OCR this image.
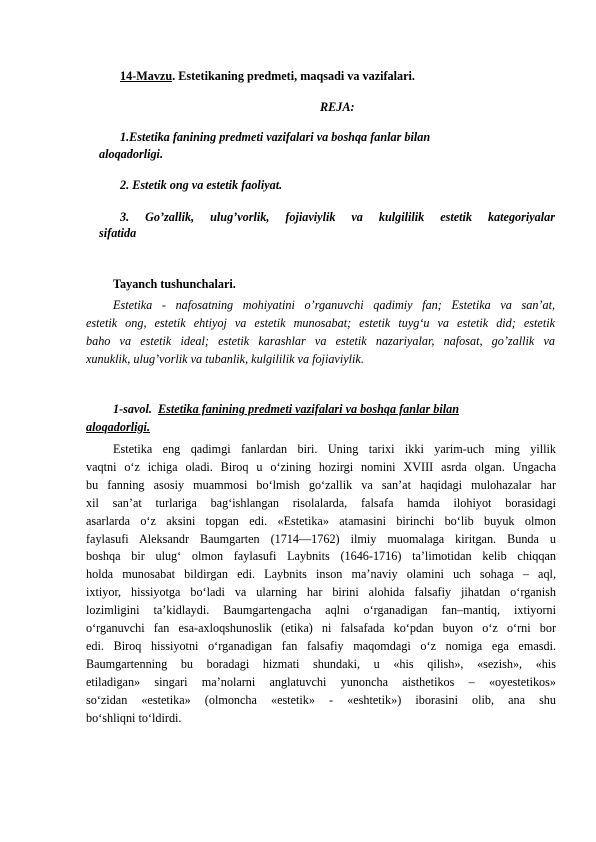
14-Mavzu. Estetikaning predmeti, maqsadi va vazifalari.
REJA:
1.Estetika fanining predmeti vazifalari va boshqa fanlar bilan
aloqadorligi.
2. Estetik ong va estetik faoliyat.
3. Go’zallik, ulug’vorlik, fojiaviylik va kulgililik estetik kategoriyalar
sifatida
Tayanch tushunchalari.
Estetika - nafosatning mohiyatini o’rganuvchi qadimiy fan; Estetika va san’at,
estetik ong, estetik ehtiyoj va estetik munosabat; estetik tuyg‘u va estetik did; estetik
baho va estetik ideal; estetik karashlar va estetik nazariyalar, nafosat, go’zallik va
xunuklik, ulug’vorlik va tubanlik, kulgililik va fojiaviylik.
1-savol. Estetika fanining predmeti vazifalari va boshqa fanlar bilan
aloqadorligi.
Estetika eng qadimgi fanlardan biri. Uning tarixi ikki yarim-uch ming yillik
vaqtni o‘z ichiga oladi. Biroq u o‘zining hozirgi nomini XVIII asrda olgan. Ungacha
bu fanning asosiy muammosi bo‘lmish go‘zallik va san’at haqidagi mulohazalar har
xil san’at turlariga bag‘ishlangan risolalarda, falsafa hamda ilohiyot borasidagi
asarlarda o‘z aksini topgan edi. «Estetika» atamasini birinchi bo‘lib buyuk olmon
faylasufi Aleksandr Baumgarten (1714—1762) ilmiy muomalaga kiritgan. Bunda u
boshqa bir ulug‘ olmon faylasufi Laybnits (1646-1716) ta’limotidan kelib chiqqan
holda munosabat bildirgan edi. Laybnits inson ma’naviy olamini uch sohaga – aql,
ixtiyor, hissiyotga bo‘ladi va ularning har birini alohida falsafiy jihatdan o‘rganish
lozimligini ta’kidlaydi. Baumgartengacha aqlni o‘rganadigan fan–mantiq, ixtiyorni
o‘rganuvchi fan esa-axloqshunoslik (etika) ni falsafada ko‘pdan buyon o‘z o‘rni bor
edi. Biroq hissiyotni o‘rganadigan fan falsafiy maqomdagi o‘z nomiga ega emasdi.
Baumgartenning bu boradagi hizmati shundaki, u «his qilish», «sezish», «his
etiladigan» singari ma’nolarni anglatuvchi yunoncha aisthetikos – «oyestetikos»
so‘zidan «estetika» (olmoncha «estetik» - «eshtetik») iborasini olib, ana shu
bo‘shliqni to‘ldirdi.
